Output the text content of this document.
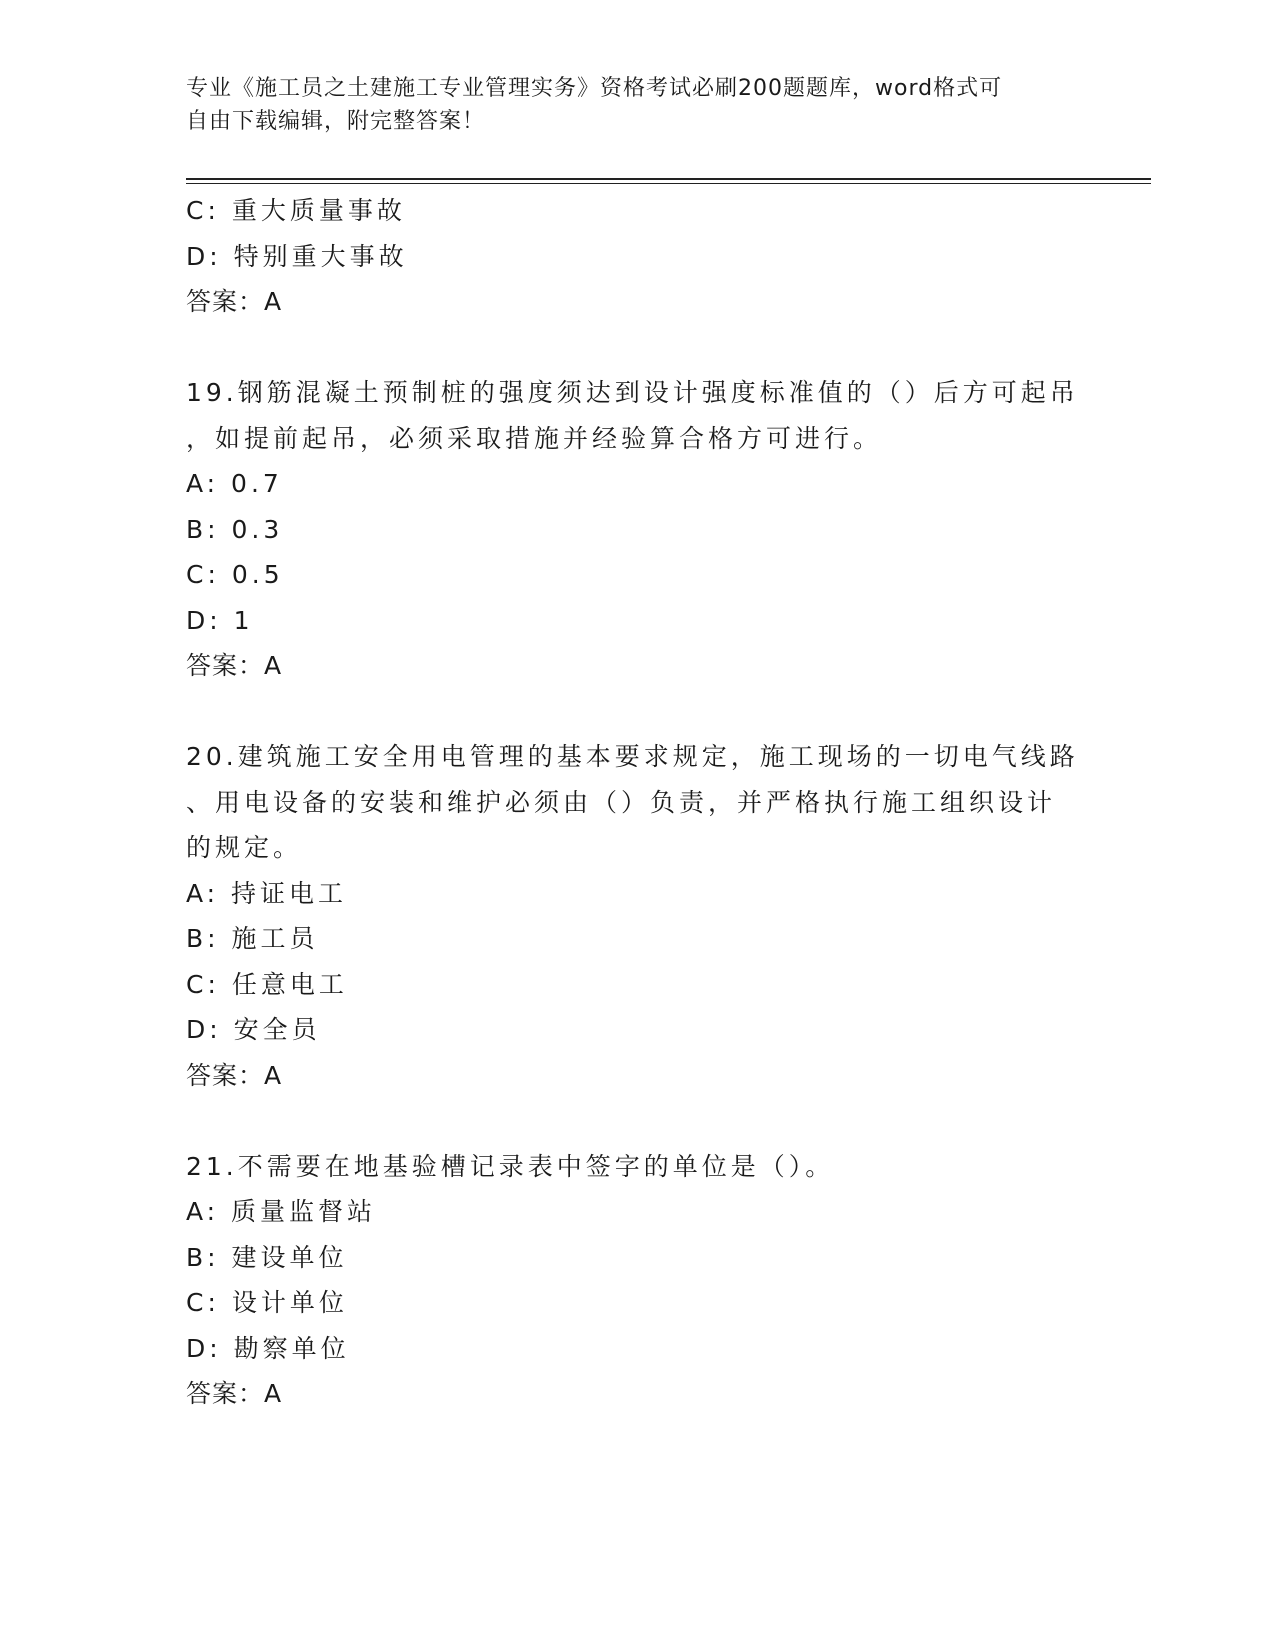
专业《施工员之土建施工专业管理实务》资格考试必刷200题题库，word格式可
自由下载编辑，附完整答案！
C: 重大质量事故
D: 特别重大事故
答案：A
19.钢筋混凝土预制桩的强度须达到设计强度标准值的（）后方可起吊
，如提前起吊，必须采取措施并经验算合格方可进行。
A: 0.7
B: 0.3
C: 0.5
D: 1
答案：A
20.建筑施工安全用电管理的基本要求规定，施工现场的一切电气线路
、用电设备的安装和维护必须由（）负责，并严格执行施工组织设计
的规定。
A: 持证电工
B: 施工员
C: 任意电工
D: 安全员
答案：A
21.不需要在地基验槽记录表中签字的单位是（）。
A: 质量监督站
B: 建设单位
C: 设计单位
D: 勘察单位
答案：A
